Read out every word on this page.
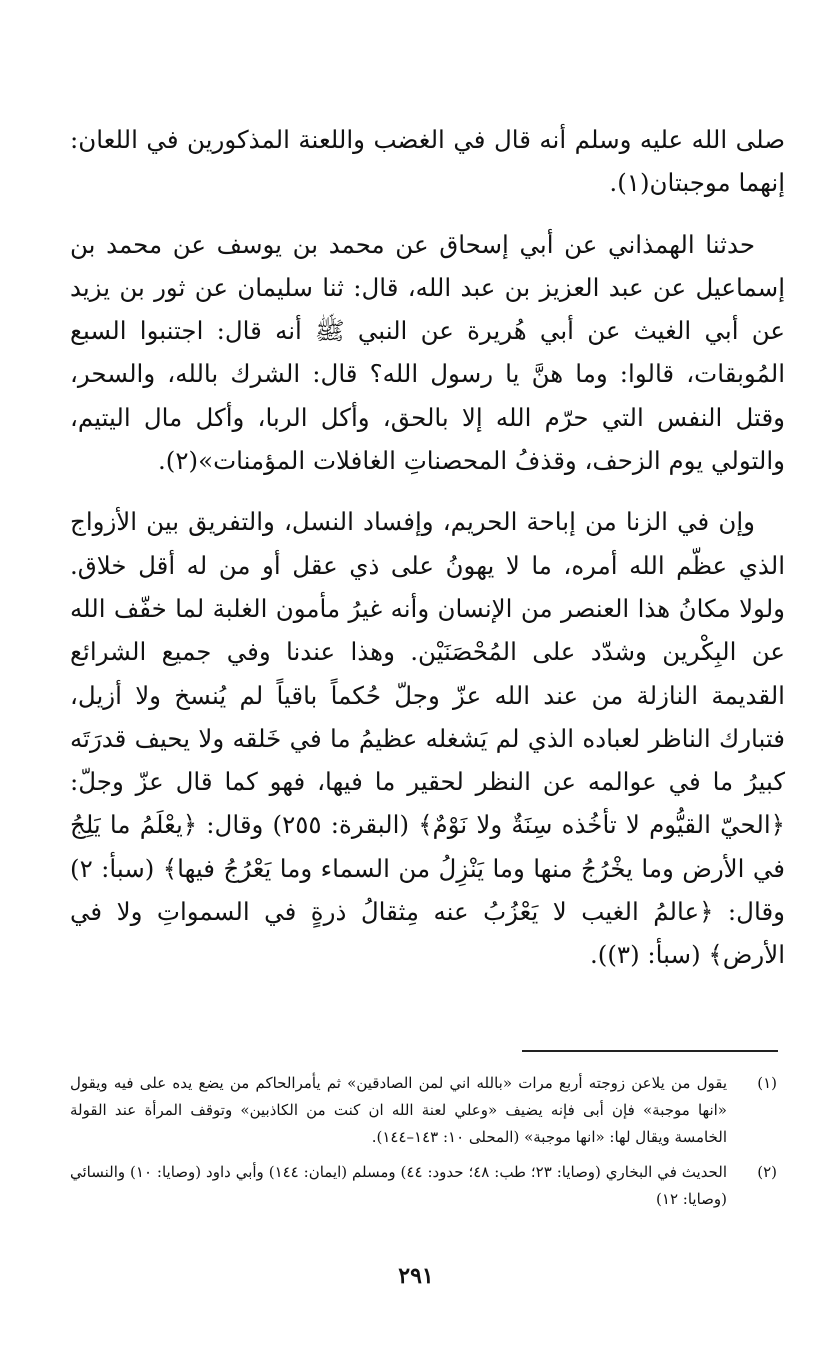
صلى الله عليه وسلم أنه قال في الغضب واللعنة المذكورين في اللعان: إنهما موجبتان(١).

حدثنا الهمذاني عن أبي إسحاق عن محمد بن يوسف عن محمد بن إسماعيل عن عبد العزيز بن عبد الله، قال: ثنا سليمان عن ثور بن يزيد عن أبي الغيث عن أبي هُريرة عن النبي ﷺ أنه قال: اجتنبوا السبع المُوبقات، قالوا: وما هنَّ يا رسول الله؟ قال: الشرك بالله، والسحر، وقتل النفس التي حرّم الله إلا بالحق، وأكل الربا، وأكل مال اليتيم، والتولي يوم الزحف، وقذفُ المحصناتِ الغافلات المؤمنات»(٢).

وإن في الزنا من إباحة الحريم، وإفساد النسل، والتفريق بين الأزواج الذي عظّم الله أمره، ما لا يهونُ على ذي عقل أو من له أقل خلاق. ولولا مكانُ هذا العنصر من الإنسان وأنه غيرُ مأمون الغلبة لما خفّف الله عن البِكْرين وشدّد على المُحْصَنَيْن. وهذا عندنا وفي جميع الشرائع القديمة النازلة من عند الله عزّ وجلّ حُكماً باقياً لم يُنسخ ولا أزيل، فتبارك الناظر لعباده الذي لم يَشغله عظيمُ ما في خَلقه ولا يحيف قدرَتَه كبيرُ ما في عوالمه عن النظر لحقير ما فيها، فهو كما قال عزّ وجلّ: ﴿الحيّ القيُّوم لا تأخُذه سِنَةٌ ولا نَوْمٌ﴾ (البقرة: ٢٥٥) وقال: ﴿يعْلَمُ ما يَلِجُ في الأرض وما يخْرُجُ منها وما يَنْزِلُ من السماء وما يَعْرُجُ فيها﴾ (سبأ: ٢) وقال: ﴿عالمُ الغيب لا يَعْزُبُ عنه مِثقالُ ذرةٍ في السمواتِ ولا في الأرض﴾ (سبأ: (٣)).

(١)
يقول من يلاعن زوجته أربع مرات «بالله اني لمن الصادقين» ثم يأمرالحاكم من يضع يده على فيه ويقول «انها موجبة» فإن أبى فإنه يضيف «وعلي لعنة الله ان كنت من الكاذبين» وتوقف المرأة عند القولة الخامسة ويقال لها: «انها موجبة» (المحلى ١٠: ١٤٣–١٤٤).
(٢)
الحديث في البخاري (وصايا: ٢٣؛ طب: ٤٨؛ حدود: ٤٤) ومسلم (ايمان: ١٤٤) وأبي داود (وصايا: ١٠) والنسائي (وصايا: ١٢)
٢٩١
